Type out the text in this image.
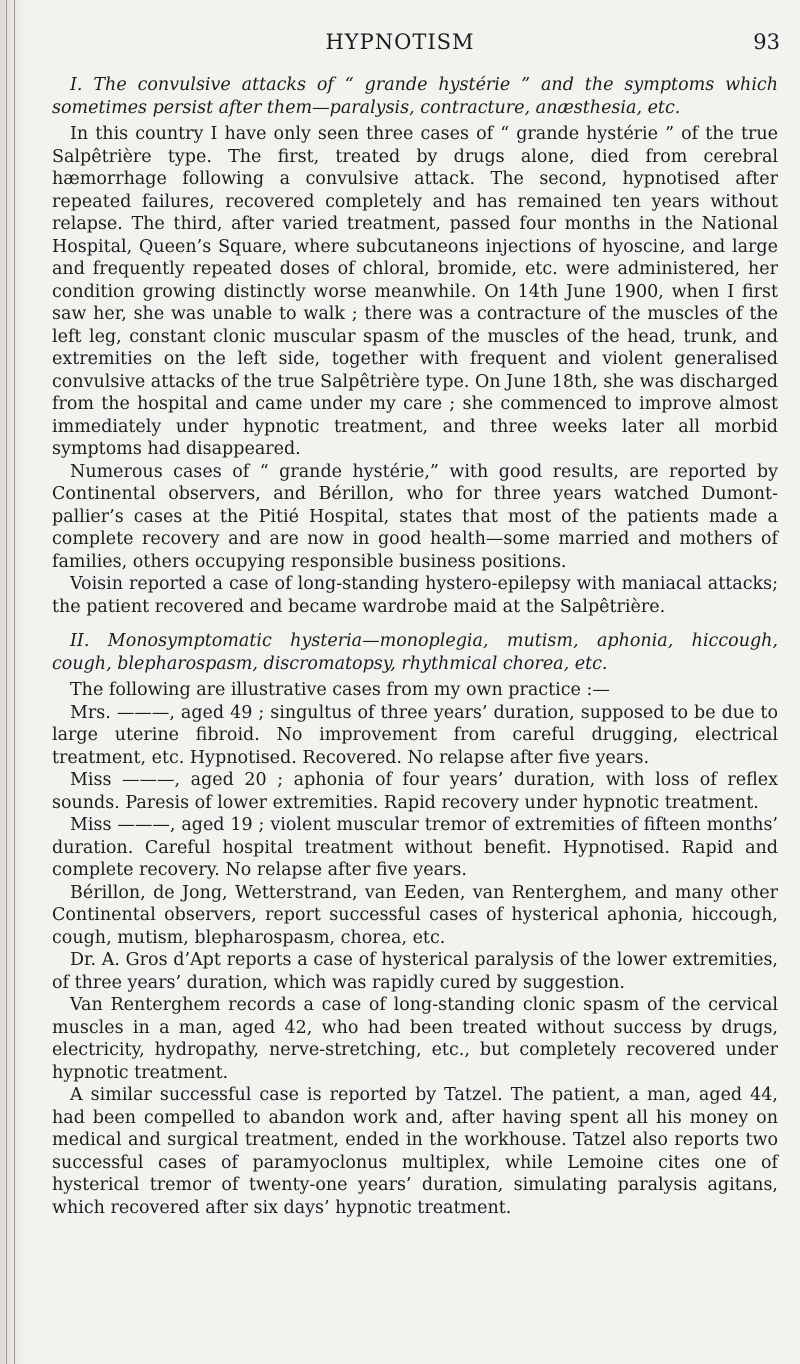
HYPNOTISM	93

I. The convulsive attacks of “ grande hystérie ” and the symptoms which sometimes persist after them—paralysis, contracture, anæsthesia, etc.

In this country I have only seen three cases of “ grande hystérie ” of the true Salpêtrière type. The first, treated by drugs alone, died from cerebral hæmorrhage following a convulsive attack. The second, hypnotised after repeated failures, recovered completely and has remained ten years without relapse. The third, after varied treatment, passed four months in the National Hospital, Queen’s Square, where subcutaneons injections of hyoscine, and large and frequently repeated doses of chloral, bromide, etc. were administered, her condition growing distinctly worse meanwhile. On 14th June 1900, when I first saw her, she was unable to walk ; there was a contracture of the muscles of the left leg, constant clonic muscular spasm of the muscles of the head, trunk, and extremities on the left side, together with frequent and violent generalised convulsive attacks of the true Salpêtrière type. On June 18th, she was discharged from the hospital and came under my care ; she commenced to improve almost immediately under hypnotic treatment, and three weeks later all morbid symptoms had disappeared.

Numerous cases of “ grande hystérie,” with good results, are reported by Continental observers, and Bérillon, who for three years watched Dumont-pallier’s cases at the Pitié Hospital, states that most of the patients made a complete recovery and are now in good health—some married and mothers of families, others occupying responsible business positions.

Voisin reported a case of long-standing hystero-epilepsy with maniacal attacks; the patient recovered and became wardrobe maid at the Salpêtrière.

II. Monosymptomatic hysteria—monoplegia, mutism, aphonia, hiccough, cough, blepharospasm, discromatopsy, rhythmical chorea, etc.

The following are illustrative cases from my own practice :—

Mrs. ———, aged 49 ; singultus of three years’ duration, supposed to be due to large uterine fibroid. No improvement from careful drugging, electrical treatment, etc. Hypnotised. Recovered. No relapse after five years.

Miss ———, aged 20 ; aphonia of four years’ duration, with loss of reflex sounds. Paresis of lower extremities. Rapid recovery under hypnotic treatment.

Miss ———, aged 19 ; violent muscular tremor of extremities of fifteen months’ duration. Careful hospital treatment without benefit. Hypnotised. Rapid and complete recovery. No relapse after five years.

Bérillon, de Jong, Wetterstrand, van Eeden, van Renterghem, and many other Continental observers, report successful cases of hysterical aphonia, hiccough, cough, mutism, blepharospasm, chorea, etc.

Dr. A. Gros d’Apt reports a case of hysterical paralysis of the lower extremities, of three years’ duration, which was rapidly cured by suggestion.

Van Renterghem records a case of long-standing clonic spasm of the cervical muscles in a man, aged 42, who had been treated without success by drugs, electricity, hydropathy, nerve-stretching, etc., but completely recovered under hypnotic treatment.

A similar successful case is reported by Tatzel. The patient, a man, aged 44, had been compelled to abandon work and, after having spent all his money on medical and surgical treatment, ended in the workhouse. Tatzel also reports two successful cases of paramyoclonus multiplex, while Lemoine cites one of hysterical tremor of twenty-one years’ duration, simulating paralysis agitans, which recovered after six days’ hypnotic treatment.
